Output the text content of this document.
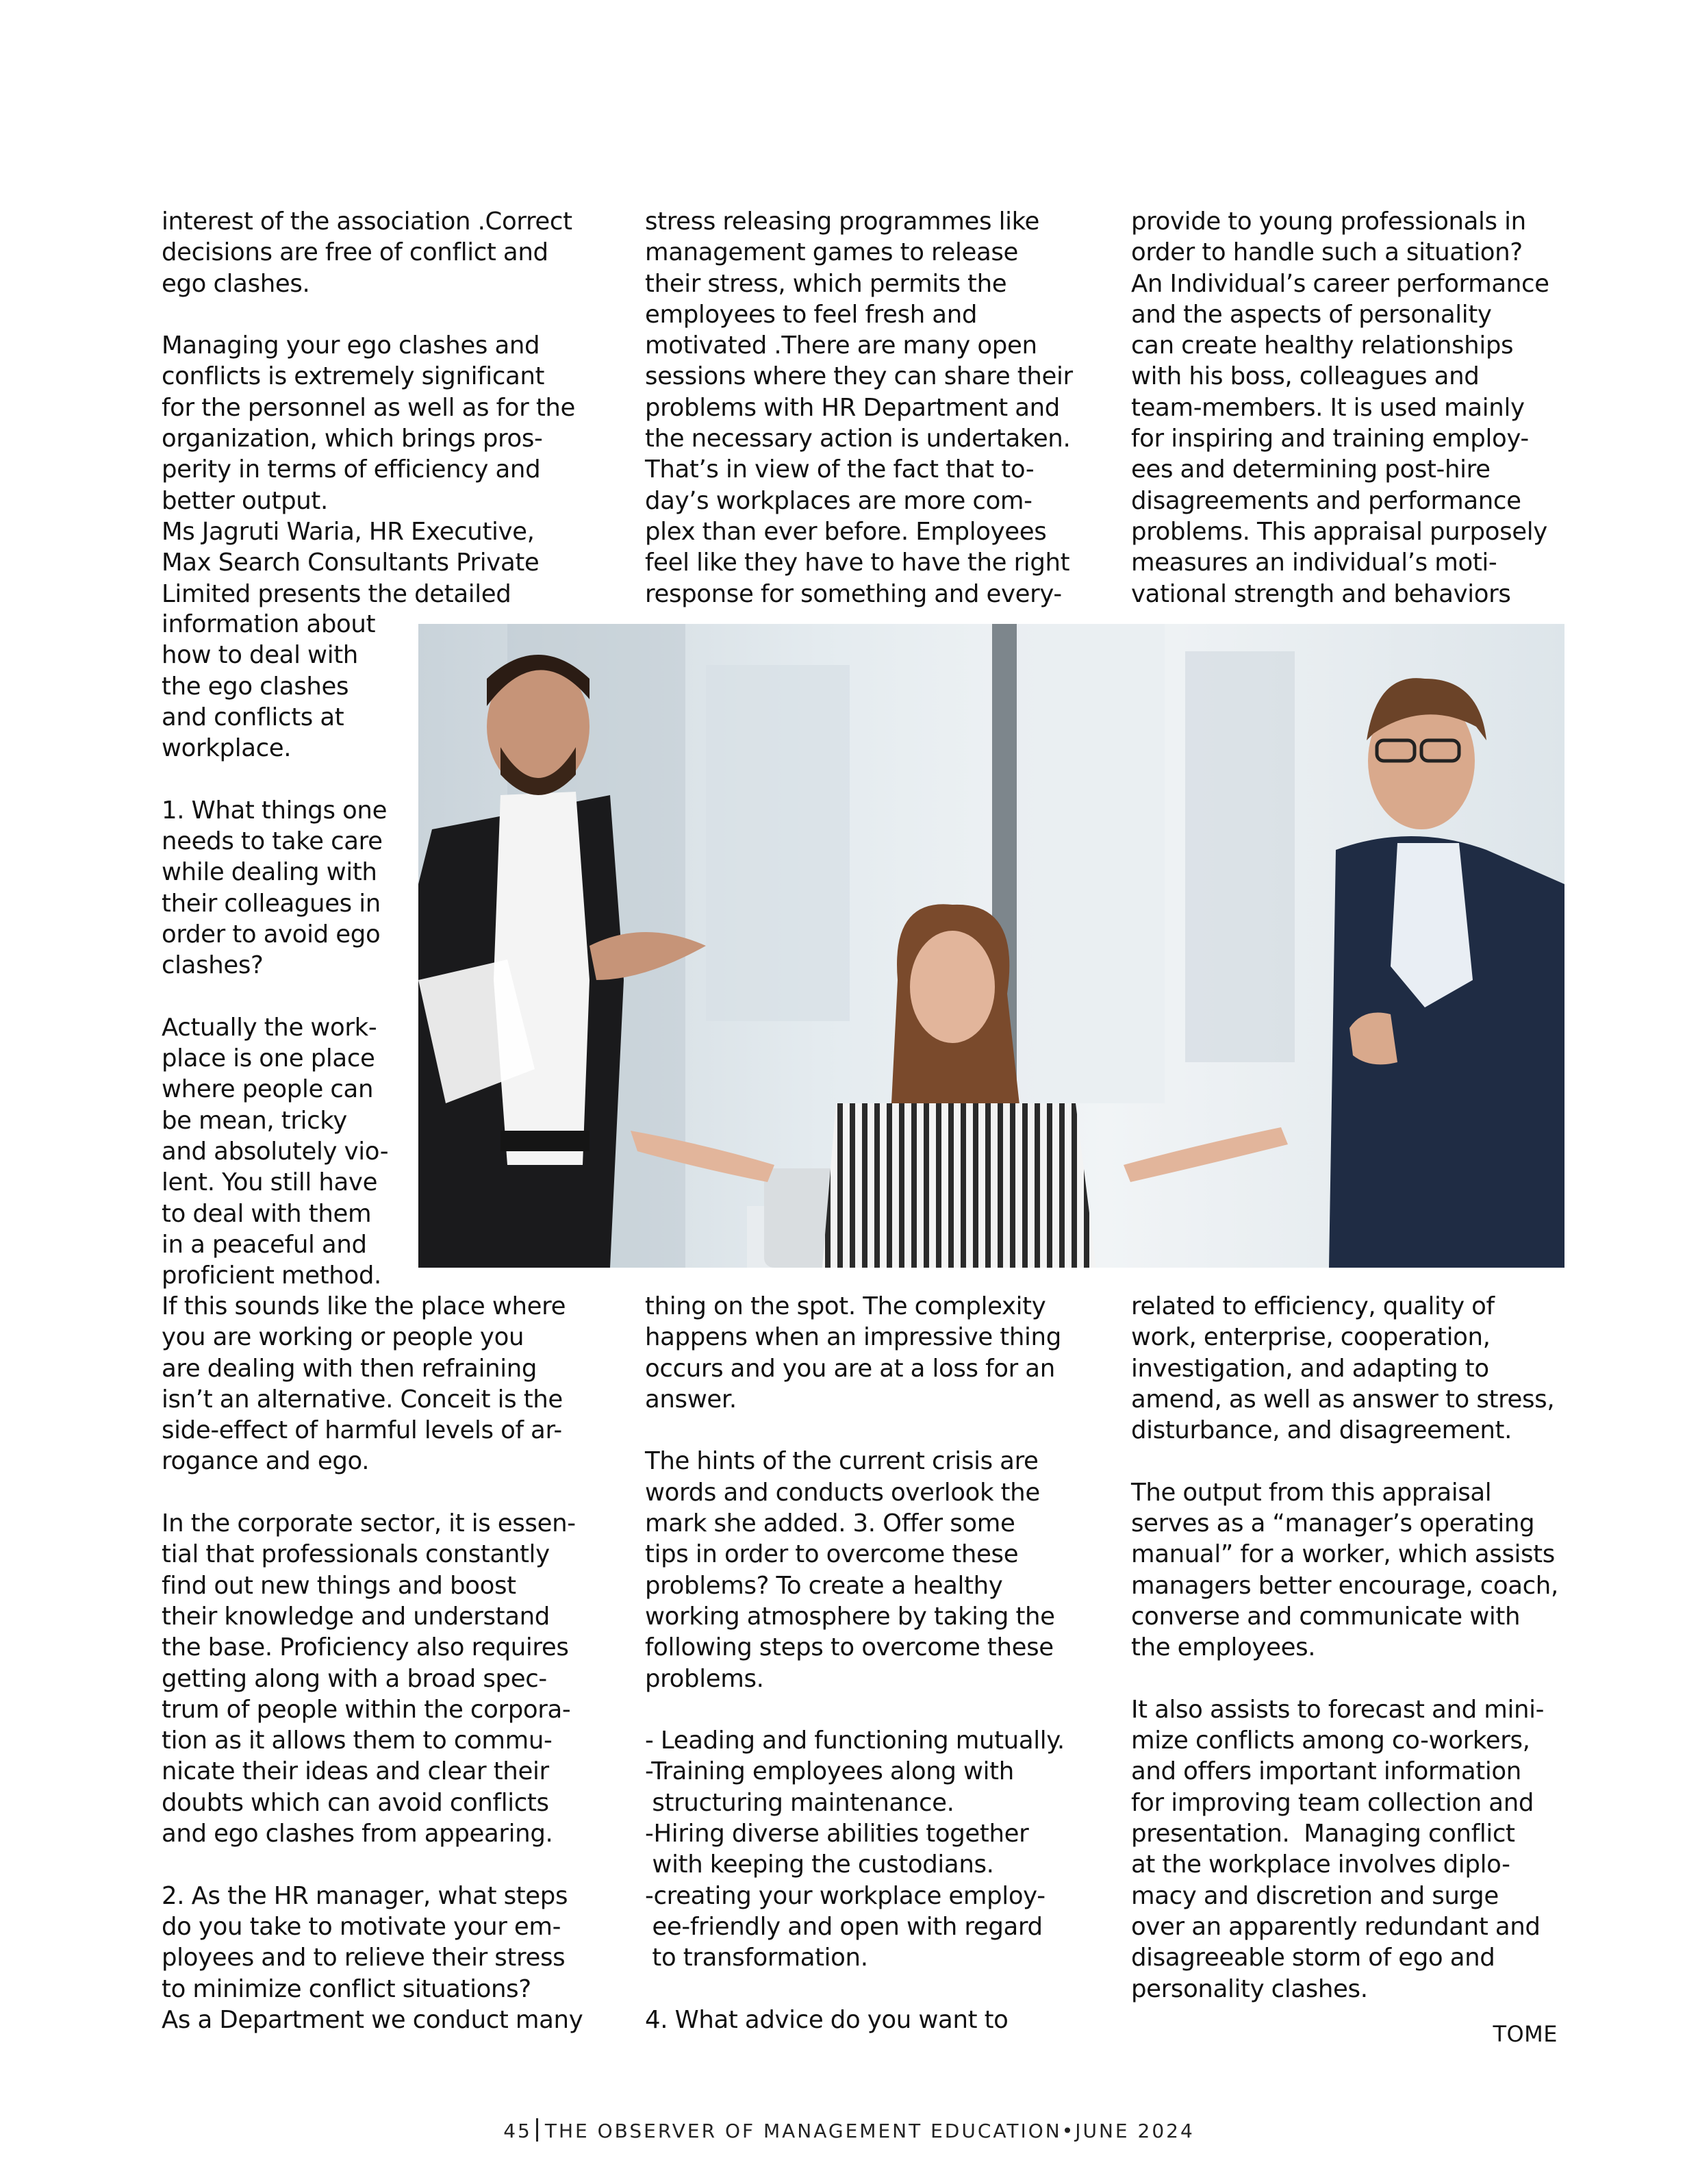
interest of the association .Correct
decisions are free of conflict and
ego clashes.
Managing your ego clashes and
conflicts is extremely significant
for the personnel as well as for the
organization, which brings pros-
perity in terms of efficiency and
better output.
Ms Jagruti Waria, HR Executive,
Max Search Consultants Private
Limited presents the detailed
information about
how to deal with
the ego clashes
and conflicts at
workplace.
1. What things one
needs to take care
while dealing with
their colleagues in
order to avoid ego
clashes?
Actually the work-
place is one place
where people can
be mean, tricky
and absolutely vio-
lent. You still have
to deal with them
in a peaceful and
proficient method.
If this sounds like the place where
you are working or people you
are dealing with then refraining
isn’t an alternative. Conceit is the
side-effect of harmful levels of ar-
rogance and ego.
In the corporate sector, it is essen-
tial that professionals constantly
find out new things and boost
their knowledge and understand
the base. Proficiency also requires
getting along with a broad spec-
trum of people within the corpora-
tion as it allows them to commu-
nicate their ideas and clear their
doubts which can avoid conflicts
and ego clashes from appearing.
2. As the HR manager, what steps
do you take to motivate your em-
ployees and to relieve their stress
to minimize conflict situations?
As a Department we conduct many
stress releasing programmes like
management games to release
their stress, which permits the
employees to feel fresh and
motivated .There are many open
sessions where they can share their
problems with HR Department and
the necessary action is undertaken.
That’s in view of the fact that to-
day’s workplaces are more com-
plex than ever before. Employees
feel like they have to have the right
response for something and every-
thing on the spot. The complexity
happens when an impressive thing
occurs and you are at a loss for an
answer.
The hints of the current crisis are
words and conducts overlook the
mark she added. 3. Offer some
tips in order to overcome these
problems? To create a healthy
working atmosphere by taking the
following steps to overcome these
problems.
- Leading and functioning mutually.
-Training employees along with
structuring maintenance.
-Hiring diverse abilities together
with keeping the custodians.
-creating your workplace employ-
ee-friendly and open with regard
to transformation.
4. What advice do you want to
provide to young professionals in
order to handle such a situation?
An Individual’s career performance
and the aspects of personality
can create healthy relationships
with his boss, colleagues and
team-members. It is used mainly
for inspiring and training employ-
ees and determining post-hire
disagreements and performance
problems. This appraisal purposely
measures an individual’s moti-
vational strength and behaviors
related to efficiency, quality of
work, enterprise, cooperation,
investigation, and adapting to
amend, as well as answer to stress,
disturbance, and disagreement.
The output from this appraisal
serves as a “manager’s operating
manual” for a worker, which assists
managers better encourage, coach,
converse and communicate with
the employees.
It also assists to forecast and mini-
mize conflicts among co-workers,
and offers important information
for improving team collection and
presentation.  Managing conflict
at the workplace involves diplo-
macy and discretion and surge
over an apparently redundant and
disagreeable storm of ego and
personality clashes.
TOME
45 THE OBSERVER OF MANAGEMENT EDUCATION•JUNE 2024
